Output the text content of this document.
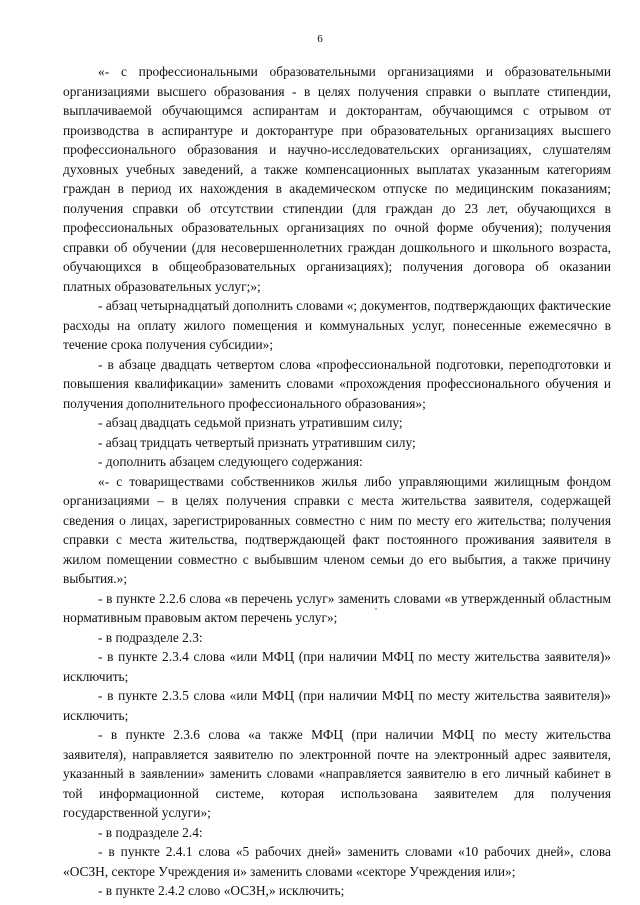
6

«- с профессиональными образовательными организациями и образовательными организациями высшего образования - в целях получения справки о выплате стипендии, выплачиваемой обучающимся аспирантам и докторантам, обучающимся с отрывом от производства в аспирантуре и докторантуре при образовательных организациях высшего профессионального образования и научно-исследовательских организациях, слушателям духовных учебных заведений, а также компенсационных выплатах указанным категориям граждан в период их нахождения в академическом отпуске по медицинским показаниям; получения справки об отсутствии стипендии (для граждан до 23 лет, обучающихся в профессиональных образовательных организациях по очной форме обучения); получения справки об обучении (для несовершеннолетних граждан дошкольного и школьного возраста, обучающихся в общеобразовательных организациях); получения договора об оказании платных образовательных услуг;»;

- абзац четырнадцатый дополнить словами «; документов, подтверждающих фактические расходы на оплату жилого помещения и коммунальных услуг, понесенные ежемесячно в течение срока получения субсидии»;

- в абзаце двадцать четвертом слова «профессиональной подготовки, переподготовки и повышения квалификации» заменить словами «прохождения профессионального обучения и получения дополнительного профессионального образования»;

- абзац двадцать седьмой признать утратившим силу;

- абзац тридцать четвертый признать утратившим силу;

- дополнить абзацем следующего содержания:

«- с товариществами собственников жилья либо управляющими жилищным фондом организациями – в целях получения справки с места жительства заявителя, содержащей сведения о лицах, зарегистрированных совместно с ним по месту его жительства; получения справки с места жительства, подтверждающей факт постоянного проживания заявителя в жилом помещении совместно с выбывшим членом семьи до его выбытия, а также причину выбытия.»;

- в пункте 2.2.6 слова «в перечень услуг» заменить словами «в утвержденный областным нормативным правовым актом перечень услуг»;

- в подразделе 2.3:

- в пункте 2.3.4 слова «или МФЦ (при наличии МФЦ по месту жительства заявителя)» исключить;

- в пункте 2.3.5 слова «или МФЦ (при наличии МФЦ по месту жительства заявителя)» исключить;

- в пункте 2.3.6 слова «а также МФЦ (при наличии МФЦ по месту жительства заявителя), направляется заявителю по электронной почте на электронный адрес заявителя, указанный в заявлении» заменить словами «направляется заявителю в его личный кабинет в той информационной системе, которая использована заявителем для получения государственной услуги»;

- в подразделе 2.4:

- в пункте 2.4.1 слова «5 рабочих дней» заменить словами «10 рабочих дней», слова «ОСЗН, секторе Учреждения и» заменить словами «секторе Учреждения или»;

- в пункте 2.4.2 слово «ОСЗН,» исключить;
